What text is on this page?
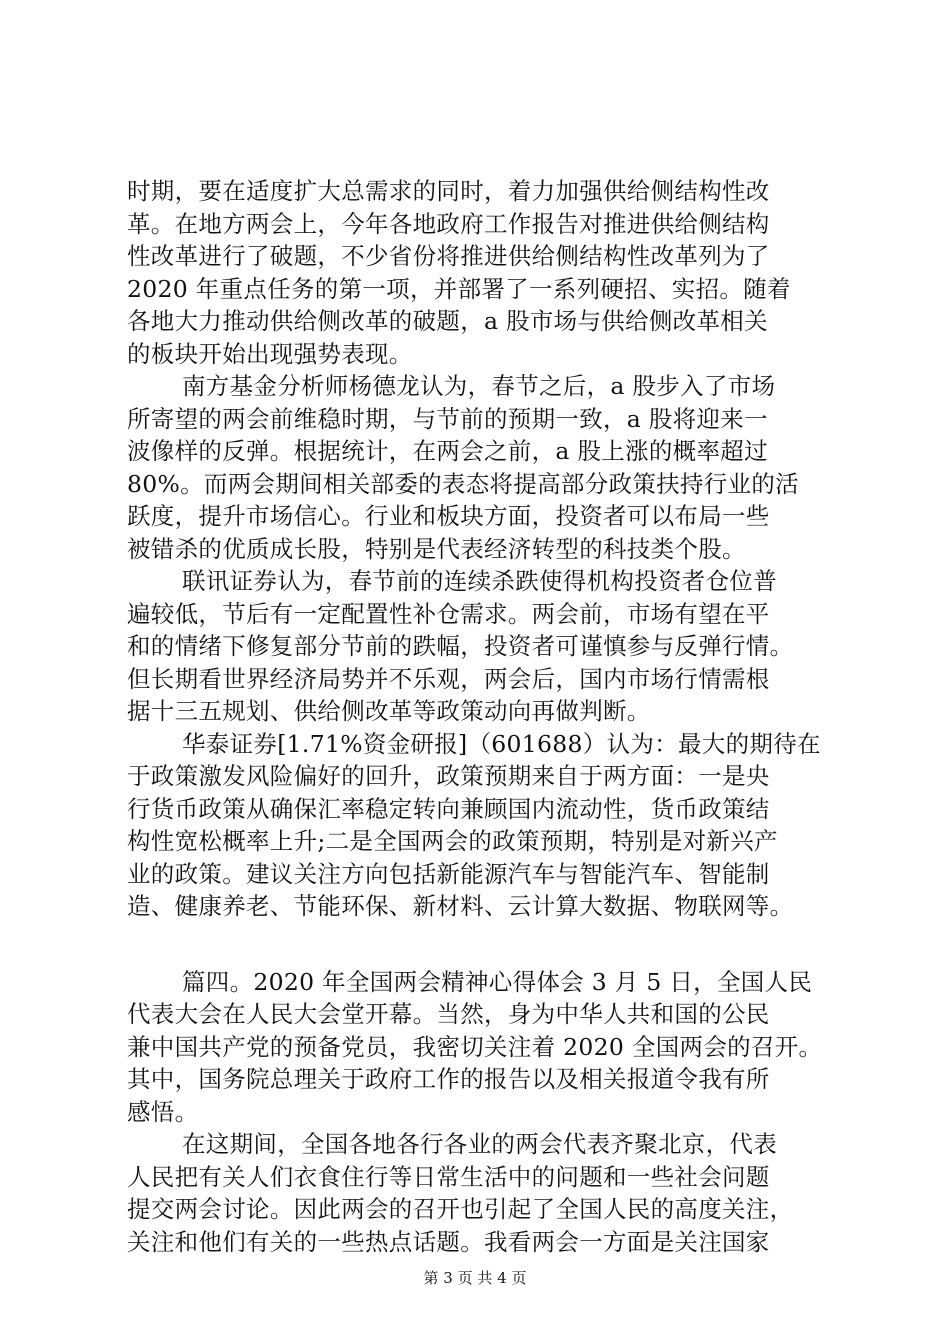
时期，要在适度扩大总需求的同时，着力加强供给侧结构性改
革。在地方两会上，今年各地政府工作报告对推进供给侧结构
性改革进行了破题，不少省份将推进供给侧结构性改革列为了
2020 年重点任务的第一项，并部署了一系列硬招、实招。随着
各地大力推动供给侧改革的破题，a 股市场与供给侧改革相关
的板块开始出现强势表现。
南方基金分析师杨德龙认为，春节之后，a 股步入了市场
所寄望的两会前维稳时期，与节前的预期一致，a 股将迎来一
波像样的反弹。根据统计，在两会之前，a 股上涨的概率超过
80%。而两会期间相关部委的表态将提高部分政策扶持行业的活
跃度，提升市场信心。行业和板块方面，投资者可以布局一些
被错杀的优质成长股，特别是代表经济转型的科技类个股。
联讯证券认为，春节前的连续杀跌使得机构投资者仓位普
遍较低，节后有一定配置性补仓需求。两会前，市场有望在平
和的情绪下修复部分节前的跌幅，投资者可谨慎参与反弹行情。
但长期看世界经济局势并不乐观，两会后，国内市场行情需根
据十三五规划、供给侧改革等政策动向再做判断。
华泰证券[1.71%资金研报]（601688）认为：最大的期待在
于政策激发风险偏好的回升，政策预期来自于两方面：一是央
行货币政策从确保汇率稳定转向兼顾国内流动性，货币政策结
构性宽松概率上升;二是全国两会的政策预期，特别是对新兴产
业的政策。建议关注方向包括新能源汽车与智能汽车、智能制
造、健康养老、节能环保、新材料、云计算大数据、物联网等。
篇四。2020 年全国两会精神心得体会 3 月 5 日，全国人民
代表大会在人民大会堂开幕。当然，身为中华人共和国的公民
兼中国共产党的预备党员，我密切关注着 2020 全国两会的召开。
其中，国务院总理关于政府工作的报告以及相关报道令我有所
感悟。
在这期间，全国各地各行各业的两会代表齐聚北京，代表
人民把有关人们衣食住行等日常生活中的问题和一些社会问题
提交两会讨论。因此两会的召开也引起了全国人民的高度关注，
关注和他们有关的一些热点话题。我看两会一方面是关注国家
第 3 页 共 4 页
